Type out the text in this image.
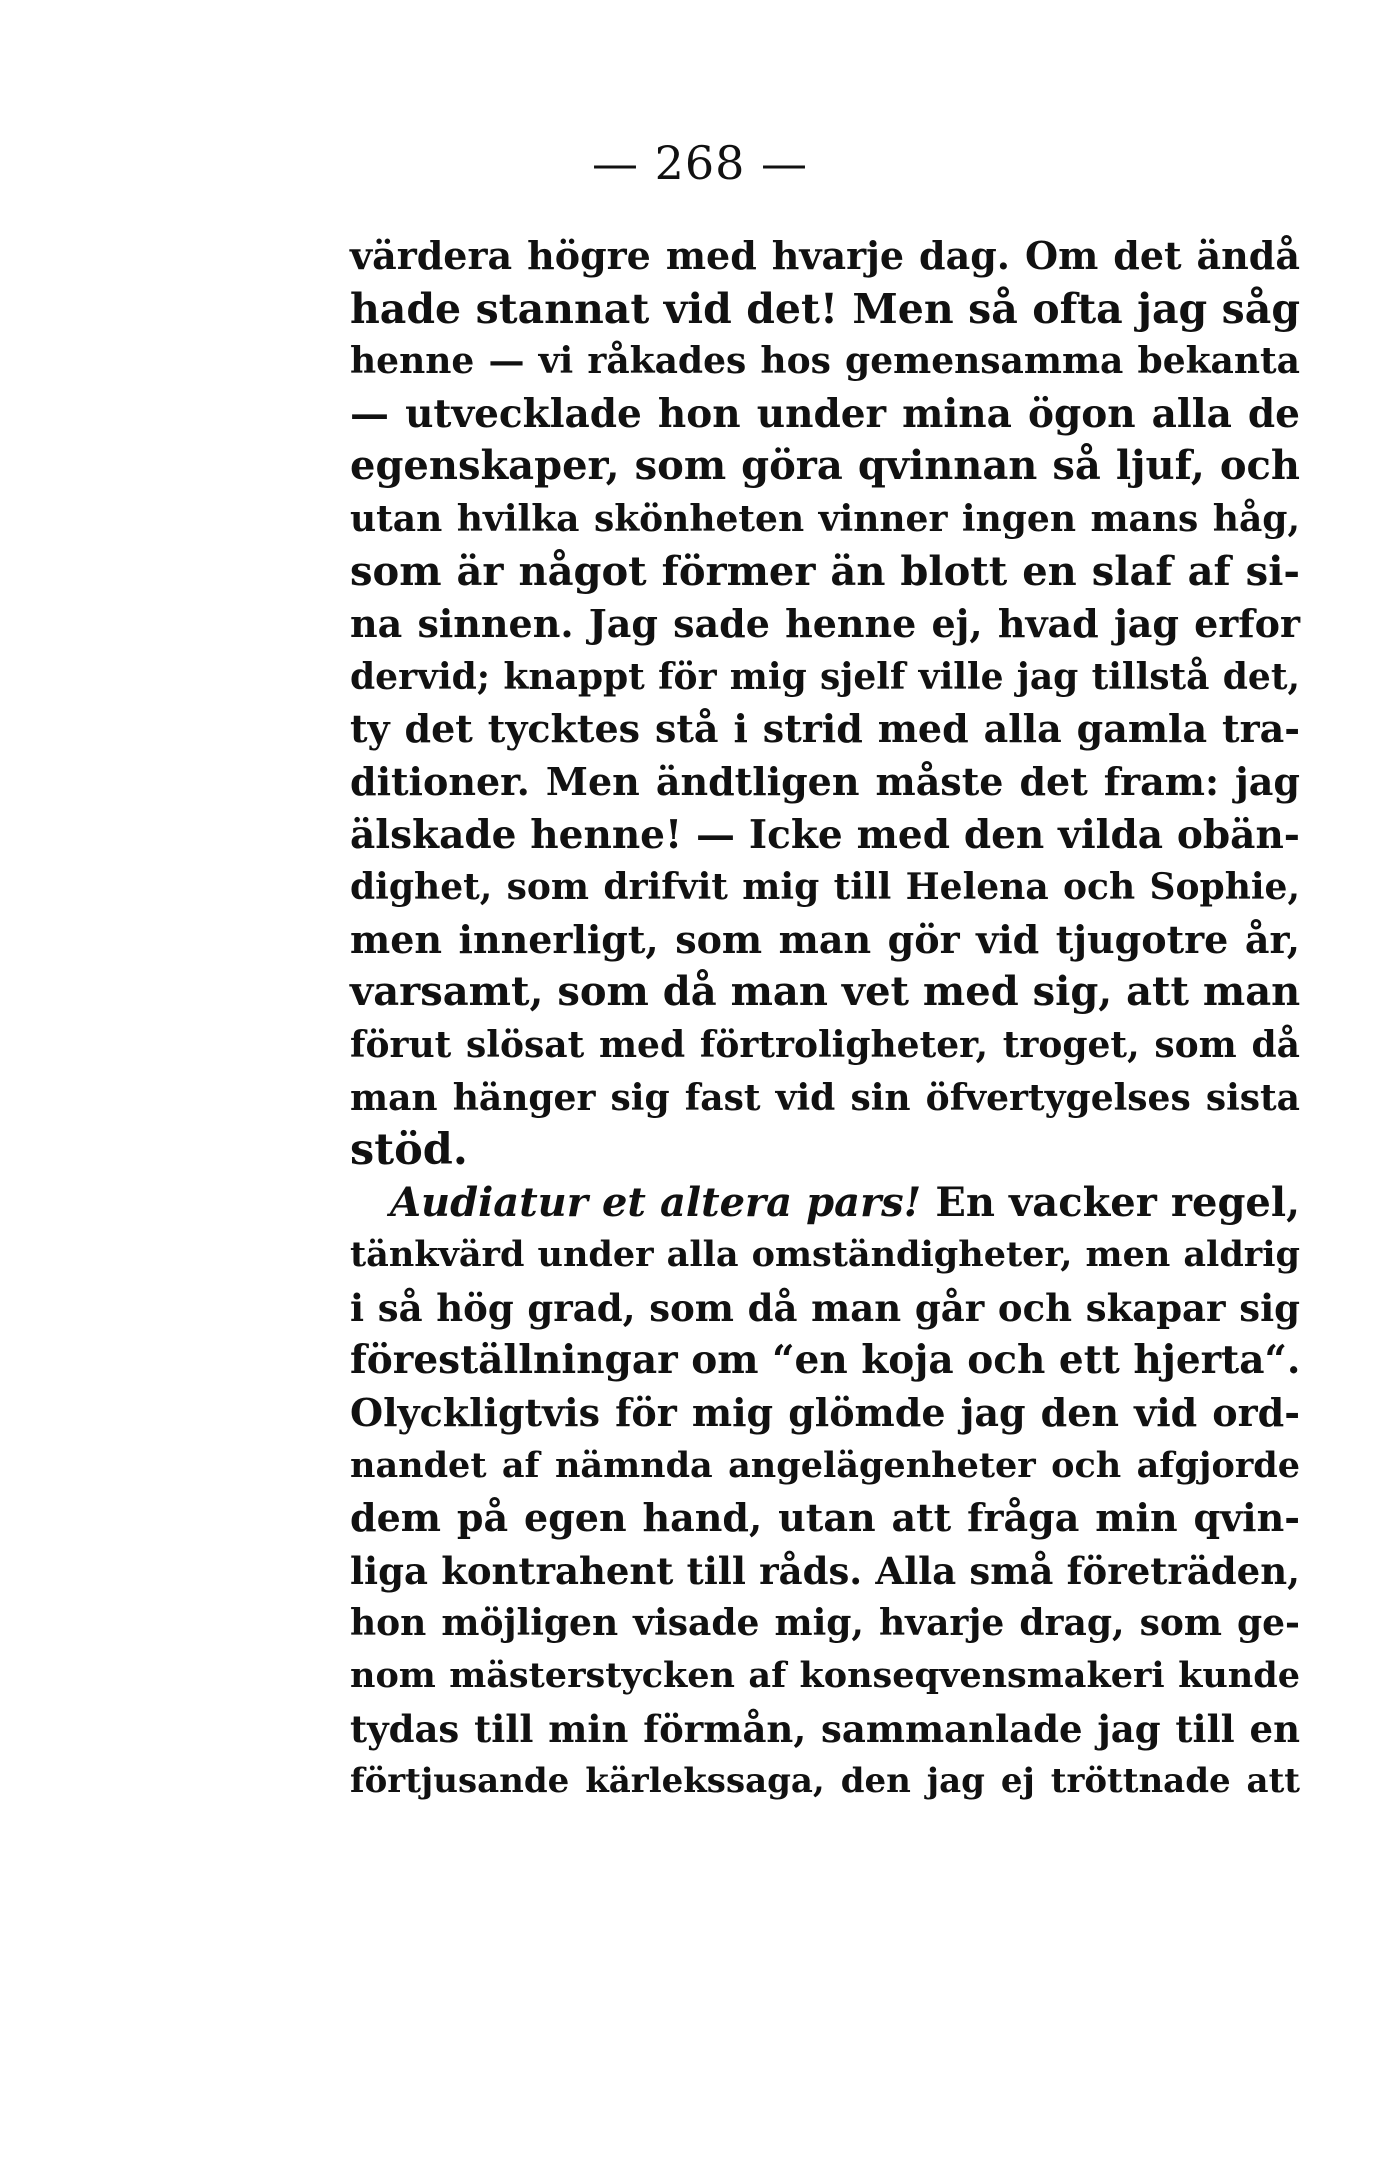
— 268 —
värdera högre med hvarje dag. Om det ändå
hade stannat vid det! Men så ofta jag såg
henne — vi råkades hos gemensamma bekanta
— utvecklade hon under mina ögon alla de
egenskaper, som göra qvinnan så ljuf, och
utan hvilka skönheten vinner ingen mans håg,
som är något förmer än blott en slaf af si-
na sinnen. Jag sade henne ej, hvad jag erfor
dervid; knappt för mig sjelf ville jag tillstå det,
ty det tycktes stå i strid med alla gamla tra-
ditioner. Men ändtligen måste det fram: jag
älskade henne! — Icke med den vilda obän-
dighet, som drifvit mig till Helena och Sophie,
men innerligt, som man gör vid tjugotre år,
varsamt, som då man vet med sig, att man
förut slösat med förtroligheter, troget, som då
man hänger sig fast vid sin öfvertygelses sista
stöd.
Audiatur et altera pars! En vacker regel,
tänkvärd under alla omständigheter, men aldrig
i så hög grad, som då man går och skapar sig
föreställningar om “en koja och ett hjerta“.
Olyckligtvis för mig glömde jag den vid ord-
nandet af nämnda angelägenheter och afgjorde
dem på egen hand, utan att fråga min qvin-
liga kontrahent till råds. Alla små företräden,
hon möjligen visade mig, hvarje drag, som ge-
nom mästerstycken af konseqvensmakeri kunde
tydas till min förmån, sammanlade jag till en
förtjusande kärlekssaga, den jag ej tröttnade att
